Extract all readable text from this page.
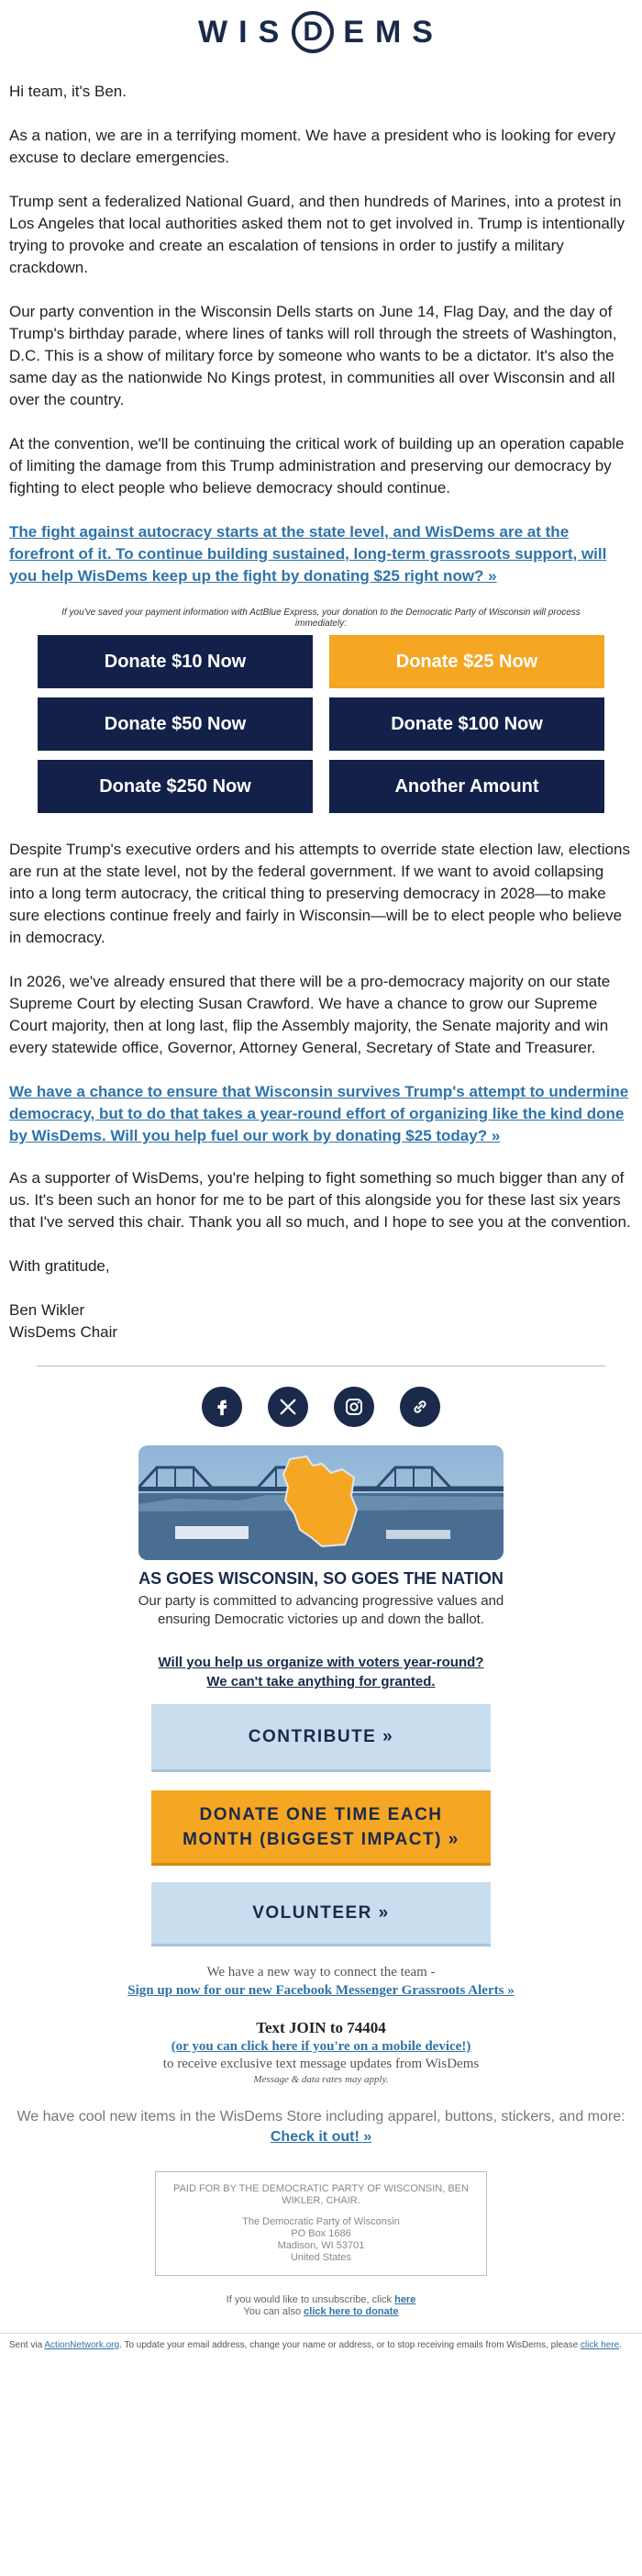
WIS D EMS

Hi team, it's Ben.

As a nation, we are in a terrifying moment. We have a president who is looking for every excuse to declare emergencies.

Trump sent a federalized National Guard, and then hundreds of Marines, into a protest in Los Angeles that local authorities asked them not to get involved in. Trump is intentionally trying to provoke and create an escalation of tensions in order to justify a military crackdown.

Our party convention in the Wisconsin Dells starts on June 14, Flag Day, and the day of Trump's birthday parade, where lines of tanks will roll through the streets of Washington, D.C. This is a show of military force by someone who wants to be a dictator. It's also the same day as the nationwide No Kings protest, in communities all over Wisconsin and all over the country.

At the convention, we'll be continuing the critical work of building up an operation capable of limiting the damage from this Trump administration and preserving our democracy by fighting to elect people who believe democracy should continue.

The fight against autocracy starts at the state level, and WisDems are at the forefront of it. To continue building sustained, long-term grassroots support, will you help WisDems keep up the fight by donating $25 right now? »
If you've saved your payment information with ActBlue Express, your donation to the Democratic Party of Wisconsin will process immediately:
Donate $10 Now	Donate $25 Now
Donate $50 Now	Donate $100 Now
Donate $250 Now	Another Amount

Despite Trump's executive orders and his attempts to override state election law, elections are run at the state level, not by the federal government. If we want to avoid collapsing into a long term autocracy, the critical thing to preserving democracy in 2028—to make sure elections continue freely and fairly in Wisconsin—will be to elect people who believe in democracy.

In 2026, we've already ensured that there will be a pro-democracy majority on our state Supreme Court by electing Susan Crawford. We have a chance to grow our Supreme Court majority, then at long last, flip the Assembly majority, the Senate majority and win every statewide office, Governor, Attorney General, Secretary of State and Treasurer.

We have a chance to ensure that Wisconsin survives Trump's attempt to undermine democracy, but to do that takes a year-round effort of organizing like the kind done by WisDems. Will you help fuel our work by donating $25 today? »

As a supporter of WisDems, you're helping to fight something so much bigger than any of us. It's been such an honor for me to be part of this alongside you for these last six years that I've served this chair. Thank you all so much, and I hope to see you at the convention.

With gratitude,

Ben Wikler

WisDems Chair

AS GOES WISCONSIN, SO GOES THE NATION
Our party is committed to advancing progressive values and ensuring Democratic victories up and down the ballot.
Will you help us organize with voters year-round? We can't take anything for granted.
CONTRIBUTE »
DONATE ONE TIME EACH MONTH (BIGGEST IMPACT) »
VOLUNTEER »
We have a new way to connect the team -
Sign up now for our new Facebook Messenger Grassroots Alerts »
Text JOIN to 74404
(or you can click here if you're on a mobile device!)
to receive exclusive text message updates from WisDems
Message & data rates may apply.
We have cool new items in the WisDems Store including apparel, buttons, stickers, and more:
Check it out! »
PAID FOR BY THE DEMOCRATIC PARTY OF WISCONSIN, BEN WIKLER, CHAIR.
The Democratic Party of Wisconsin
PO Box 1686
Madison, WI 53701
United States
If you would like to unsubscribe, click here
You can also click here to donate
Sent via ActionNetwork.org. To update your email address, change your name or address, or to stop receiving emails from WisDems, please click here.
